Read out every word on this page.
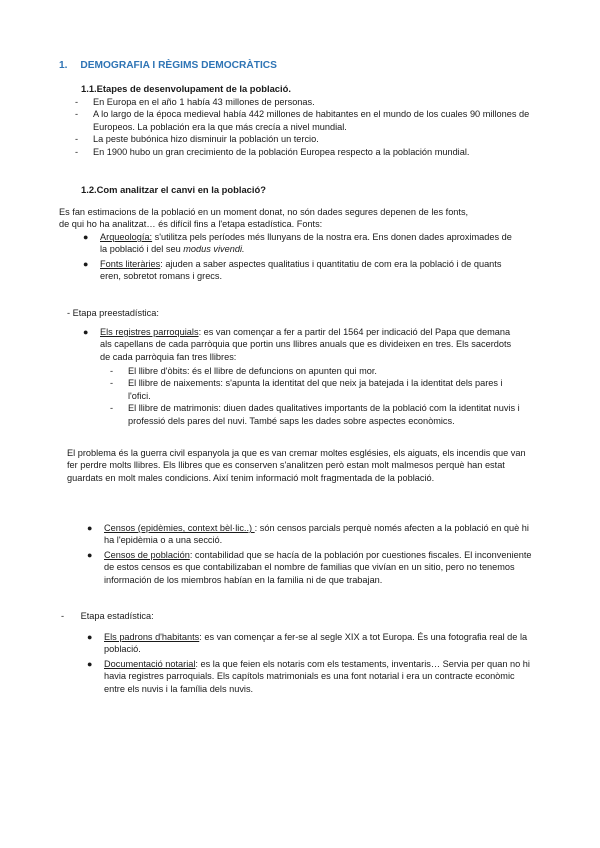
1. DEMOGRAFIA I RÈGIMS DEMOCRÀTICS
1.1.Etapes de desenvolupament de la població.
- En Europa en el año 1 había 43 millones de personas.
- A lo largo de la época medieval había 442 millones de habitantes en el mundo de los cuales 90 millones de Europeos. La población era la que más crecía a nivel mundial.
- La peste bubónica hizo disminuir la población un tercio.
- En 1900 hubo un gran crecimiento de la población Europea respecto a la población mundial.
1.2.Com analitzar el canvi en la població?
Es fan estimacions de la població en un moment donat, no són dades segures depenen de les fonts,
de qui ho ha analitzat… és difícil fins a l'etapa estadística. Fonts:
● Arqueología: s'utilitza pels períodes més llunyans de la nostra era. Ens donen dades aproximades de la població i del seu modus vivendi.
● Fonts literàries: ajuden a saber aspectes qualitatius i quantitatiu de com era la població i de quants eren, sobretot romans i grecs.
- Etapa preestadística:
● Els registres parroquials: es van començar a fer a partir del 1564 per indicació del Papa que demana als capellans de cada parròquia que portin uns llibres anuals que es divideixen en tres. Els sacerdots de cada parròquia fan tres llibres:
- El llibre d'òbits: és el llibre de defuncions on apunten qui mor.
- El llibre de naixements: s'apunta la identitat del que neix ja batejada i la identitat dels pares i l'ofici.
- El llibre de matrimonis: diuen dades qualitatives importants de la població com la identitat nuvis i professió dels pares del nuvi. També saps les dades sobre aspectes econòmics.
El problema és la guerra civil espanyola ja que es van cremar moltes esglésies, els aiguats, els incendis que van fer perdre molts llibres. Els llibres que es conserven s'analitzen però estan molt malmesos perquè han estat guardats en molt males condicions. Així tenim informació molt fragmentada de la població.
● Censos (epidèmies, context bèl·lic..) : són censos parcials perquè només afecten a la població en què hi ha l'epidèmia o a una secció.
● Censos de población: contabilidad que se hacía de la población por cuestiones fiscales. El inconveniente de estos censos es que contabilizaban el nombre de familias que vivían en un sitio, pero no tenemos información de los miembros habían en la familia ni de que trabajan.
- Etapa estadística:
● Els padrons d'habitants: es van començar a fer-se al segle XIX a tot Europa. És una fotografia real de la població.
● Documentació notarial: es la que feien els notaris com els testaments, inventaris… Servia per quan no hi havia registres parroquials. Els capítols matrimonials es una font notarial i era un contracte econòmic entre els nuvis i la família dels nuvis.
